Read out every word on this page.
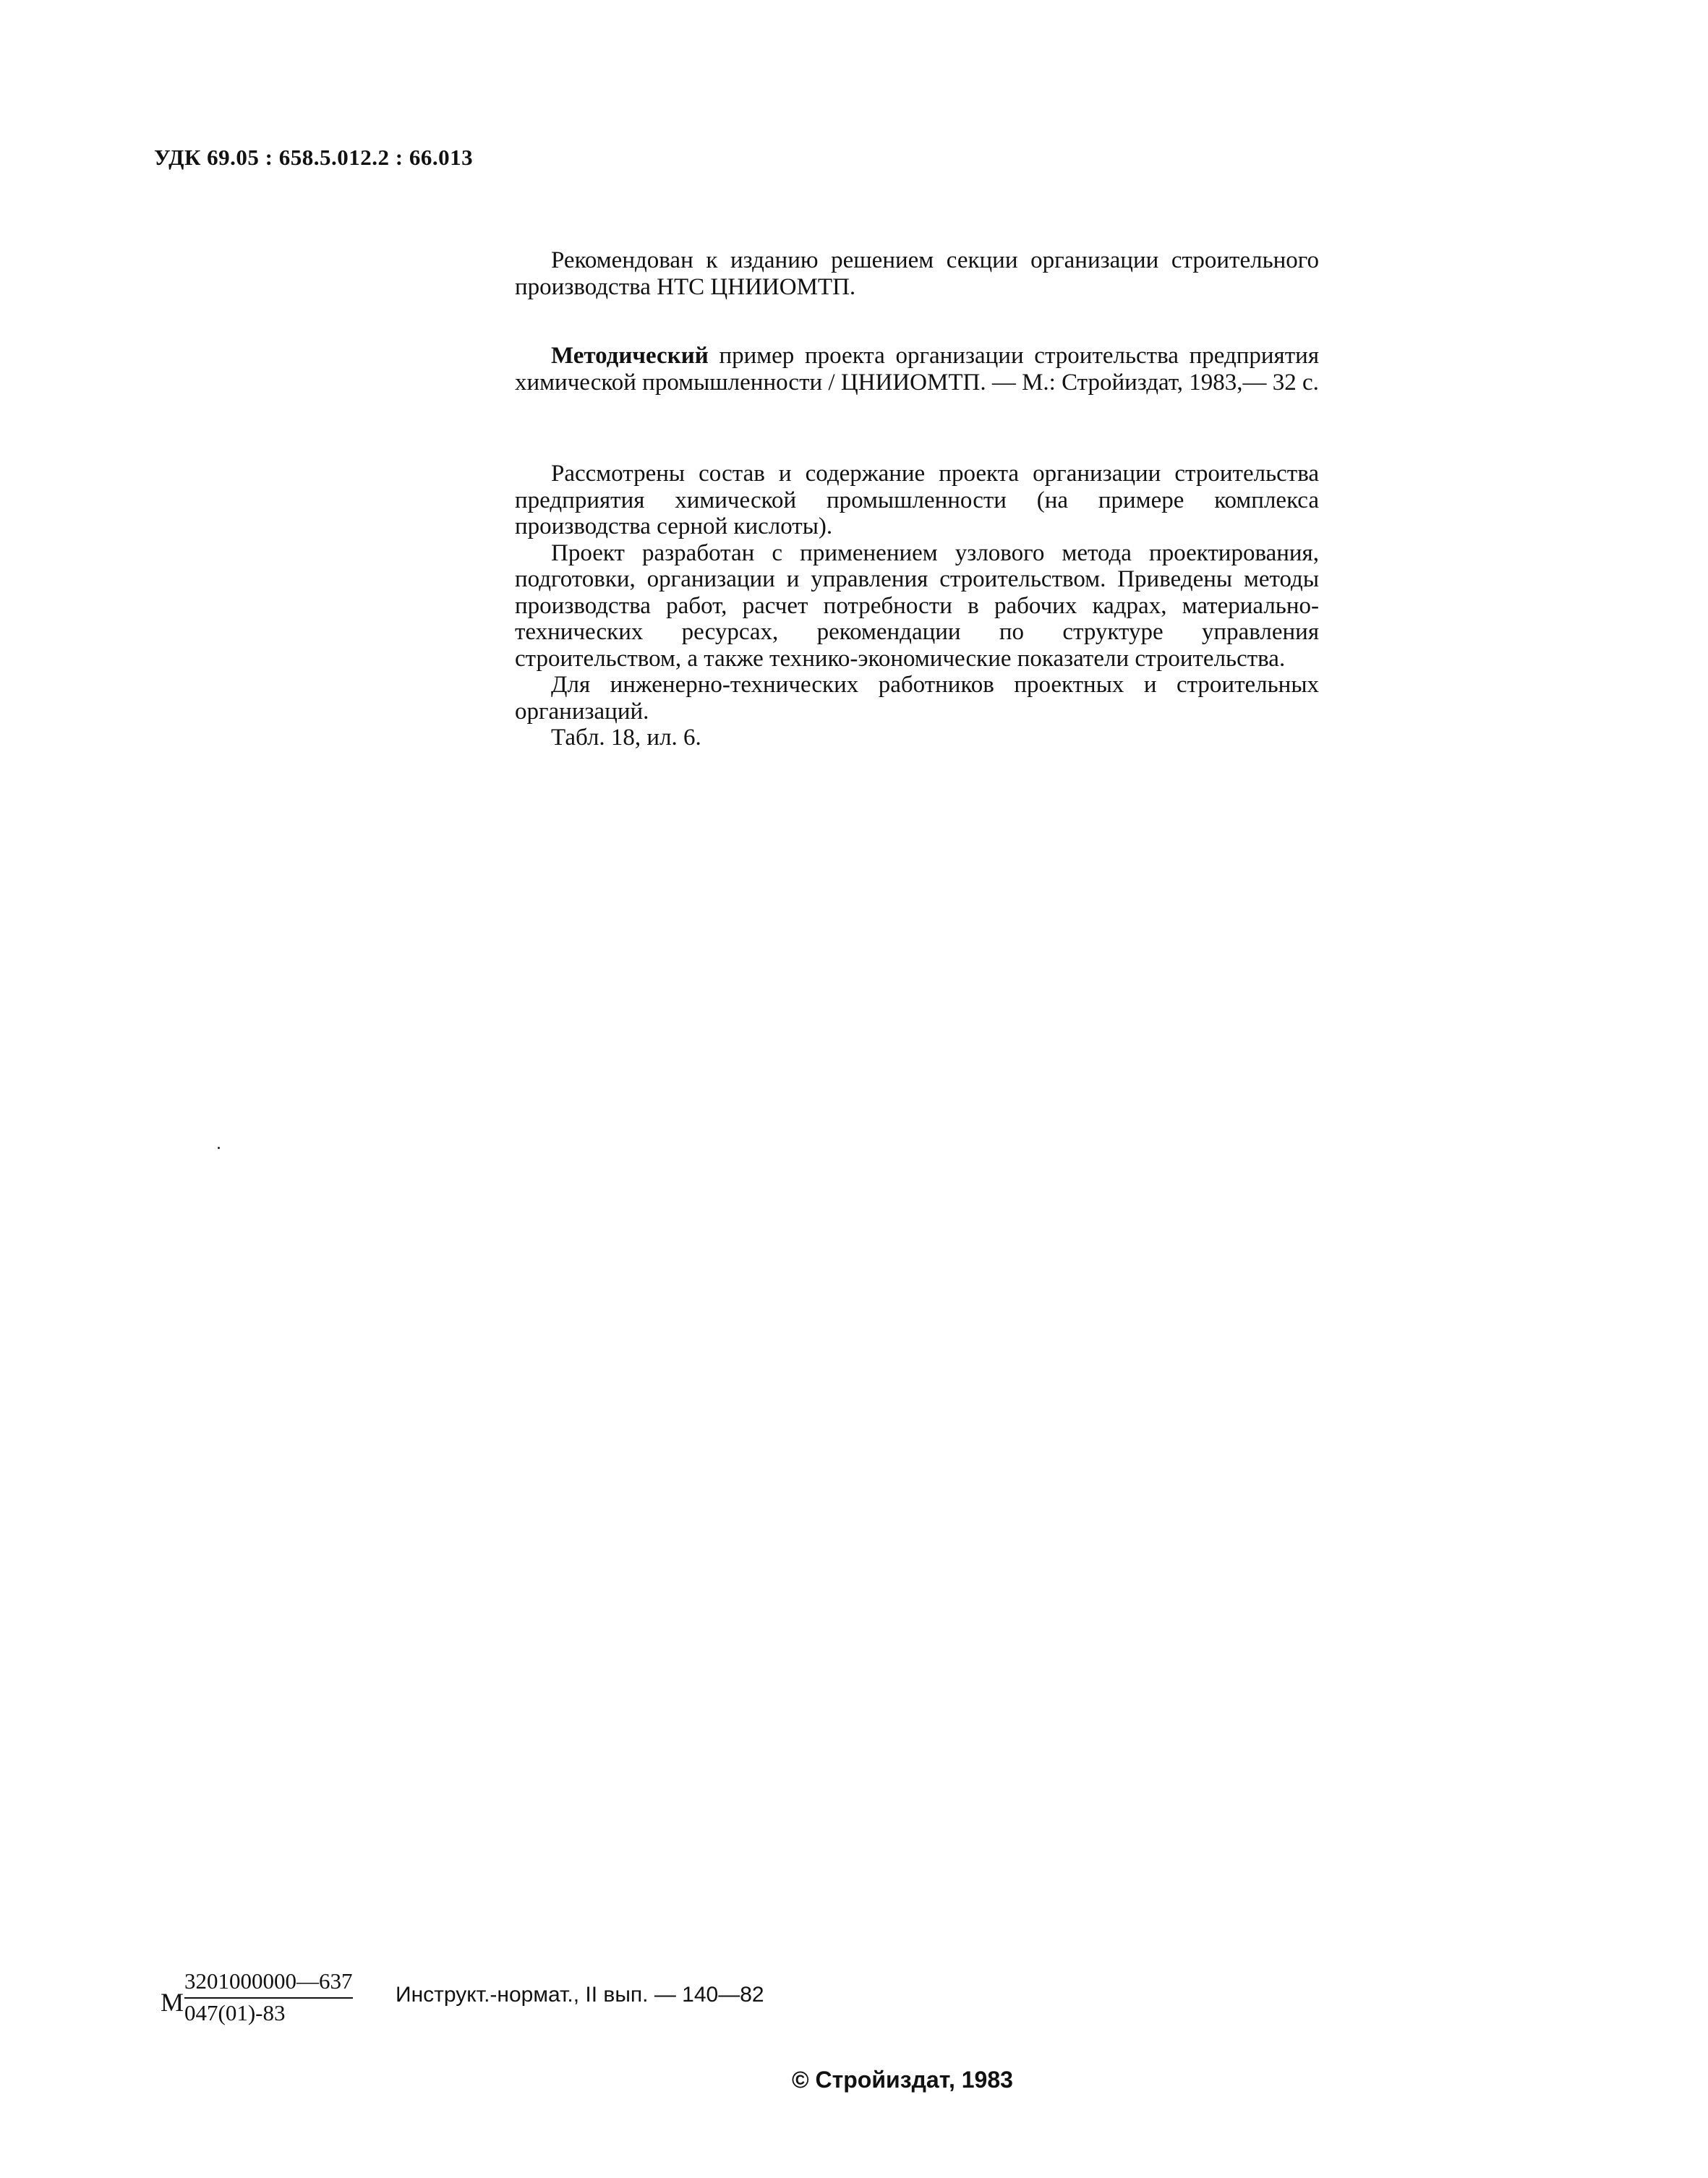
УДК 69.05 : 658.5.012.2 : 66.013

Рекомендован к изданию решением секции организации строительного производства НТС ЦНИИОМТП.

Методический пример проекта организации строительства предприятия химической промышленности / ЦНИИОМТП. — М.: Стройиздат, 1983,— 32 с.

Рассмотрены состав и содержание проекта организации строительства предприятия химической промышленности (на примере комплекса производства серной кислоты).

Проект разработан с применением узлового метода проектирования, подготовки, организации и управления строительством. Приведены методы производства работ, расчет потребности в рабочих кадрах, материально-технических ресурсах, рекомендации по структуре управления строительством, а также технико-экономические показатели строительства.

Для инженерно-технических работников проектных и строительных организаций.

Табл. 18, ил. 6.

М $\frac{3201000000—637}{047(01)-83}$ Инструкт.-нормат., II вып. — 140—82
© Стройиздат, 1983
